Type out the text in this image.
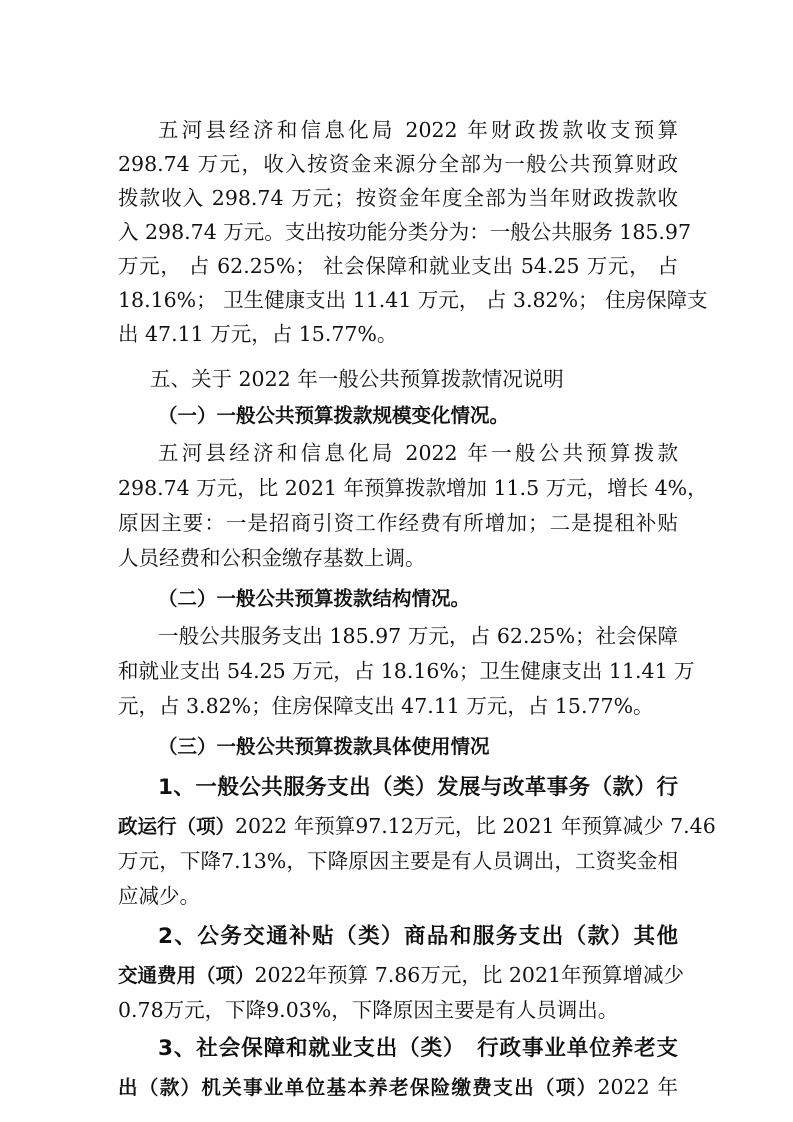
五河县经济和信息化局 2022 年财政拨款收支预算
298.74 万元，收入按资金来源分全部为一般公共预算财政
拨款收入 298.74 万元；按资金年度全部为当年财政拨款收
入 298.74 万元。支出按功能分类分为：一般公共服务 185.97
万元， 占 62.25%； 社会保障和就业支出 54.25 万元， 占
18.16%； 卫生健康支出 11.41 万元， 占 3.82%； 住房保障支
出 47.11 万元，占 15.77%。
五、关于 2022 年一般公共预算拨款情况说明
（一）一般公共预算拨款规模变化情况。
五河县经济和信息化局 2022 年一般公共预算拨款
298.74 万元，比 2021 年预算拨款增加 11.5 万元，增长 4%，
原因主要：一是招商引资工作经费有所增加；二是提租补贴
人员经费和公积金缴存基数上调。
（二）一般公共预算拨款结构情况。
一般公共服务支出 185.97 万元，占 62.25%；社会保障
和就业支出 54.25 万元，占 18.16%；卫生健康支出 11.41 万
元，占 3.82%；住房保障支出 47.11 万元，占 15.77%。
（三）一般公共预算拨款具体使用情况
1、一般公共服务支出（类）发展与改革事务（款）行
政运行（项）2022 年预算97.12万元，比 2021 年预算减少 7.46
万元，下降7.13%，下降原因主要是有人员调出，工资奖金相
应减少。
2、公务交通补贴（类）商品和服务支出（款）其他
交通费用（项）2022年预算 7.86万元，比 2021年预算增减少
0.78万元，下降9.03%，下降原因主要是有人员调出。
3、社会保障和就业支出（类）　行政事业单位养老支
出（款）机关事业单位基本养老保险缴费支出（项）2022 年
